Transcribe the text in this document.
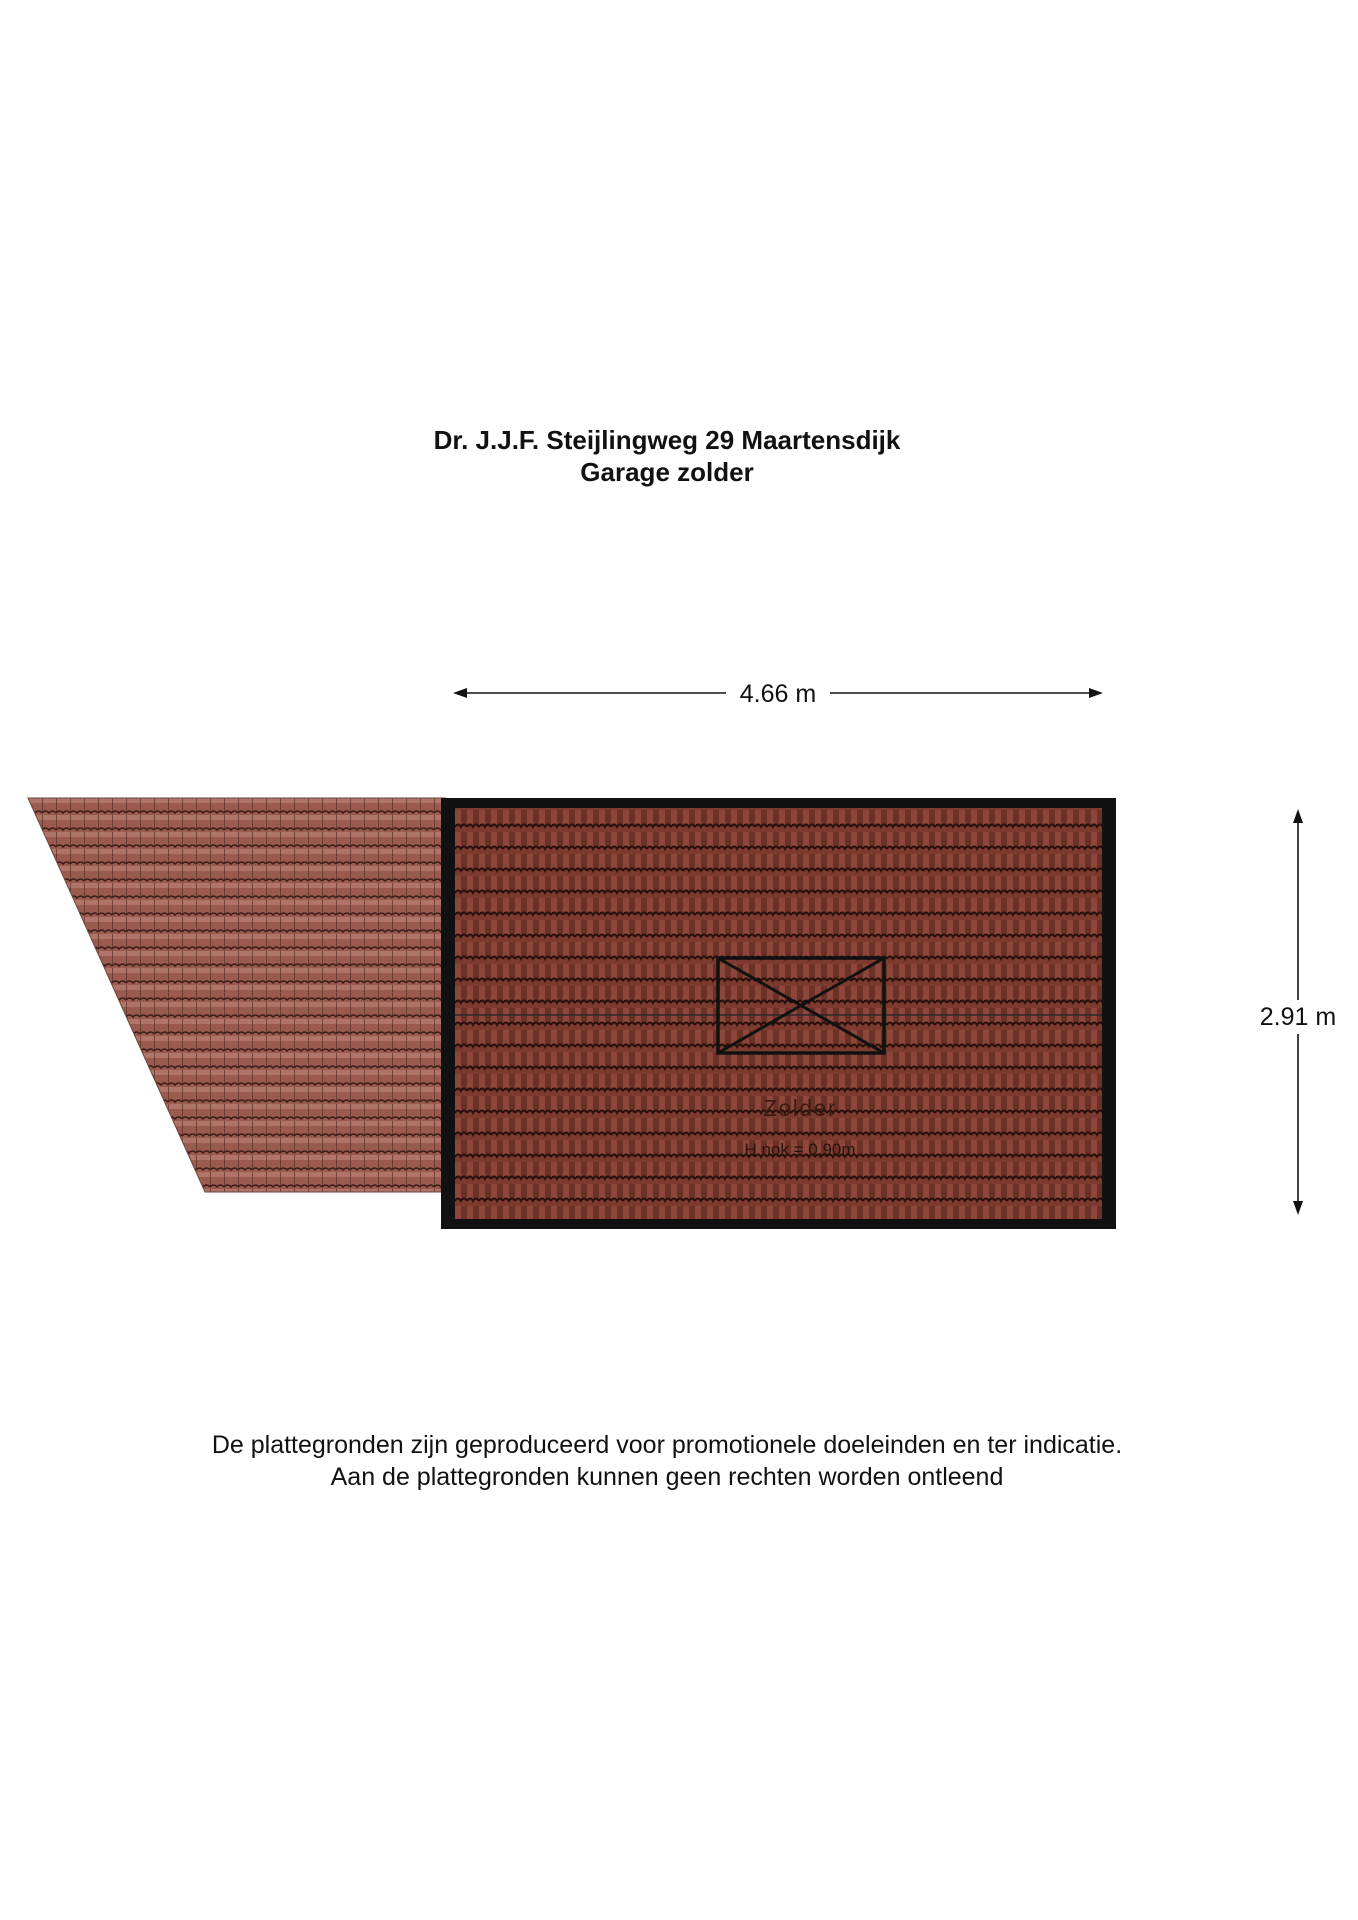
Dr. J.J.F. Steijlingweg 29 Maartensdijk
Garage zolder
Zolder
H nok = 0.90m
4.66 m
2.91 m
De plattegronden zijn geproduceerd voor promotionele doeleinden en ter indicatie.
Aan de plattegronden kunnen geen rechten worden ontleend
